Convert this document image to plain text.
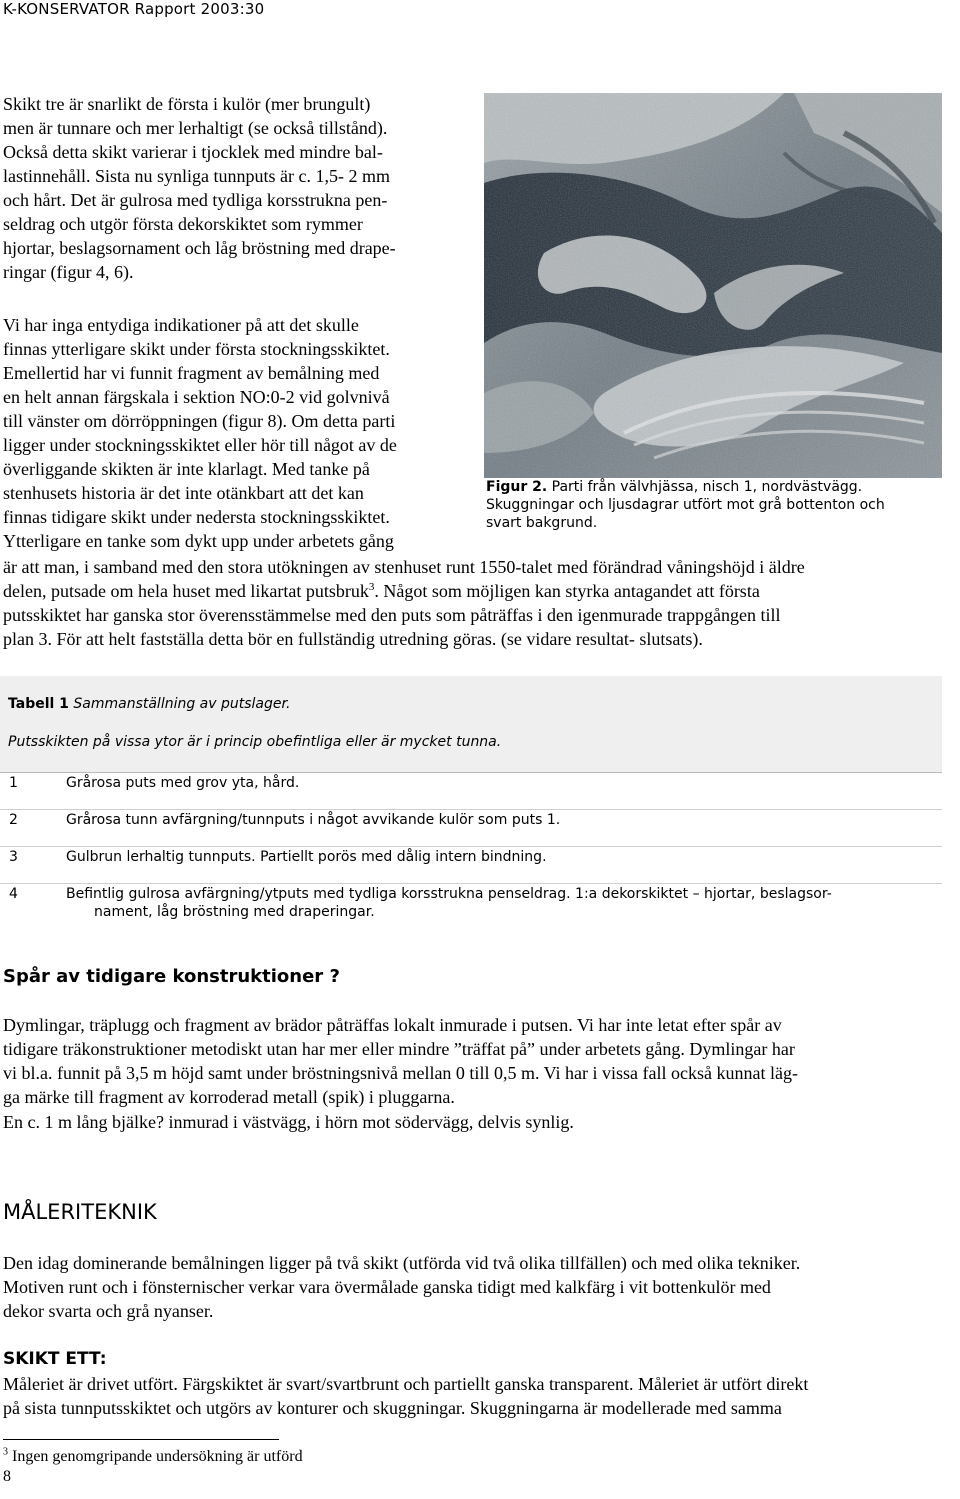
K-KONSERVATOR Rapport 2003:30
Skikt tre är snarlikt de första i kulör (mer brungult)
men är tunnare och mer lerhaltigt (se också tillstånd).
Också detta skikt varierar i tjocklek med mindre bal-
lastinnehåll. Sista nu synliga tunnputs är c. 1,5- 2 mm
och hårt. Det är gulrosa med tydliga korsstrukna pen-
seldrag och utgör första dekorskiktet som rymmer
hjortar, beslagsornament och låg bröstning med drape-
ringar (figur 4, 6).
Vi har inga entydiga indikationer på att det skulle
finnas ytterligare skikt under första stockningsskiktet.
Emellertid har vi funnit fragment av bemålning med
en helt annan färgskala i sektion NO:0-2 vid golvnivå
till vänster om dörröppningen (figur 8). Om detta parti
ligger under stockningsskiktet eller hör till något av de
överliggande skikten är inte klarlagt. Med tanke på
stenhusets historia är det inte otänkbart att det kan
finnas tidigare skikt under nedersta stockningsskiktet.
Ytterligare en tanke som dykt upp under arbetets gång
är att man, i samband med den stora utökningen av stenhuset runt 1550-talet med förändrad våningshöjd i äldre
delen, putsade om hela huset med likartat putsbruk$^3$. Något som möjligen kan styrka antagandet att första
putsskiktet har ganska stor överensstämmelse med den puts som påträffas i den igenmurade trappgången till
plan 3. För att helt fastställa detta bör en fullständig utredning göras. (se vidare resultat- slutsats).
Figur 2. Parti från välvhjässa, nisch 1, nordvästvägg.
Skuggningar och ljusdagrar utfört mot grå bottenton och
svart bakgrund.
Tabell 1 Sammanställning av putslager.
Putsskikten på vissa ytor är i princip obefintliga eller är mycket tunna.
1	Grårosa puts med grov yta, hård.
2	Grårosa tunn avfärgning/tunnputs i något avvikande kulör som puts 1.
3	Gulbrun lerhaltig tunnputs. Partiellt porös med dålig intern bindning.
4	Befintlig gulrosa avfärgning/ytputs med tydliga korsstrukna penseldrag. 1:a dekorskiktet – hjortar, beslagsor-
nament, låg bröstning med draperingar.
Spår av tidigare konstruktioner ?
Dymlingar, träplugg och fragment av brädor påträffas lokalt inmurade i putsen. Vi har inte letat efter spår av
tidigare träkonstruktioner metodiskt utan har mer eller mindre ”träffat på” under arbetets gång. Dymlingar har
vi bl.a. funnit på 3,5 m höjd samt under bröstningsnivå mellan 0 till 0,5 m. Vi har i vissa fall också kunnat läg-
ga märke till fragment av korroderad metall (spik) i pluggarna.
En c. 1 m lång bjälke? inmurad i västvägg, i hörn mot södervägg, delvis synlig.
MÅLERITEKNIK
Den idag dominerande bemålningen ligger på två skikt (utförda vid två olika tillfällen) och med olika tekniker.
Motiven runt och i fönsternischer verkar vara övermålade ganska tidigt med kalkfärg i vit bottenkulör med
dekor svarta och grå nyanser.
SKIKT ETT:
Måleriet är drivet utfört. Färgskiktet är svart/svartbrunt och partiellt ganska transparent. Måleriet är utfört direkt
på sista tunnputsskiktet och utgörs av konturer och skuggningar. Skuggningarna är modellerade med samma
$^3$ Ingen genomgripande undersökning är utförd
8
